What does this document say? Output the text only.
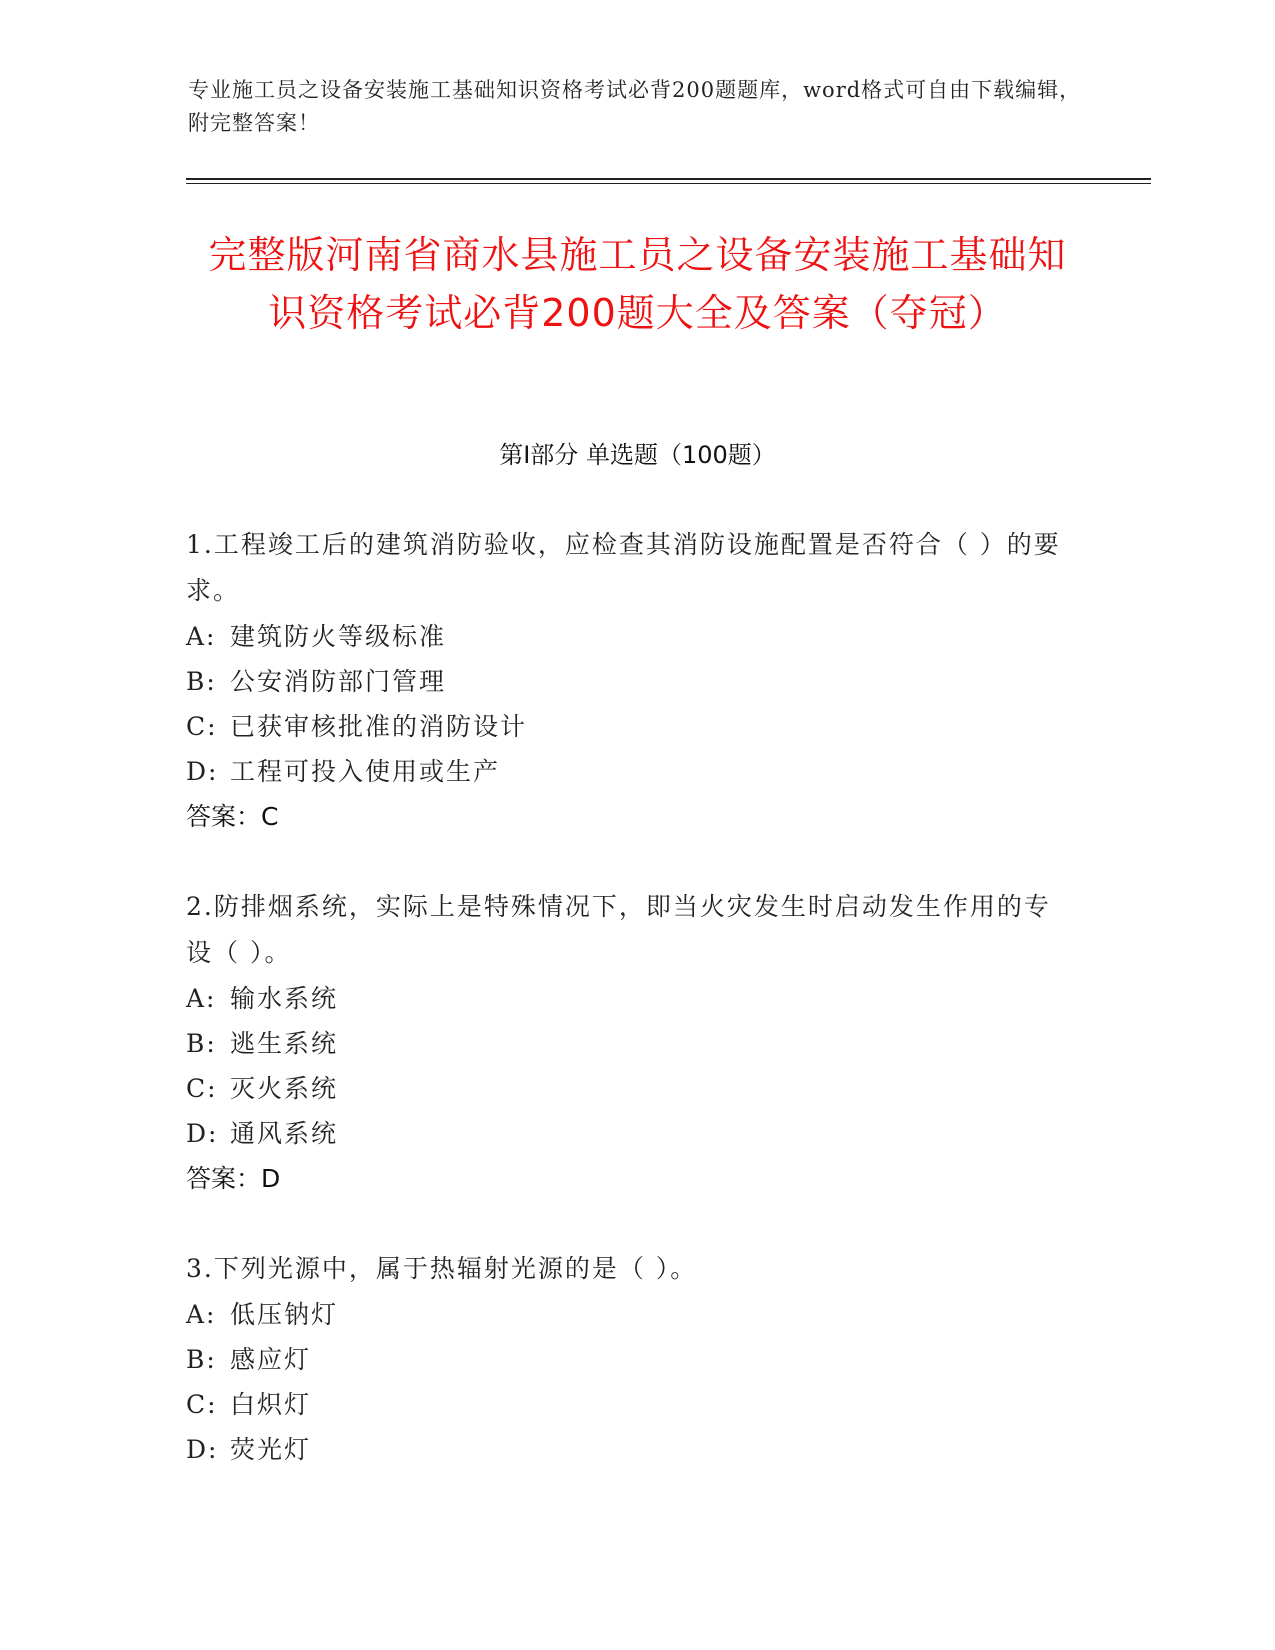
专业施工员之设备安装施工基础知识资格考试必背200题题库，word格式可自由下载编辑，附完整答案！
完整版河南省商水县施工员之设备安装施工基础知识资格考试必背200题大全及答案（夺冠）
第Ⅰ部分 单选题（100题）
1.工程竣工后的建筑消防验收，应检查其消防设施配置是否符合（ ）的要求。
A: 建筑防火等级标准
B: 公安消防部门管理
C: 已获审核批准的消防设计
D: 工程可投入使用或生产
答案：C
2.防排烟系统，实际上是特殊情况下，即当火灾发生时启动发生作用的专设（ ）。
A: 输水系统
B: 逃生系统
C: 灭火系统
D: 通风系统
答案：D
3.下列光源中，属于热辐射光源的是（ ）。
A: 低压钠灯
B: 感应灯
C: 白炽灯
D: 荧光灯
